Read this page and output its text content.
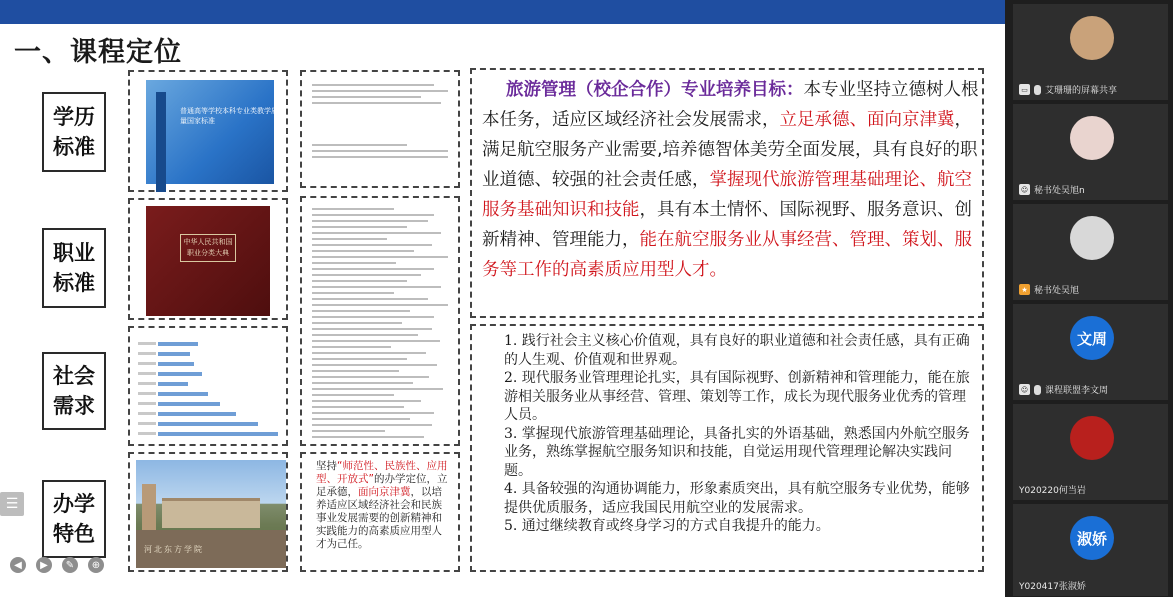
一、课程定位
学历
标准
职业
标准
社会
需求
办学
特色
普通高等学校本科专业类教学质量国家标准
中华人民共和国职业分类大典
河北东方学院
坚持“师范性、民族性、应用型、开放式”的办学定位，立足承德，面向京津冀，以培养适应区域经济社会和民族事业发展需要的创新精神和实践能力的高素质应用型人才为己任。
旅游管理（校企合作）专业培养目标：本专业坚持立德树人根本任务，适应区域经济社会发展需求，立足承德、面向京津冀，满足航空服务产业需要,培养德智体美劳全面发展，具有良好的职业道德、较强的社会责任感，掌握现代旅游管理基础理论、航空服务基础知识和技能，具有本土情怀、国际视野、服务意识、创新精神、管理能力，能在航空服务业从事经营、管理、策划、服务等工作的高素质应用型人才。
1. 践行社会主义核心价值观，具有良好的职业道德和社会责任感，具有正确的人生观、价值观和世界观。
2. 现代服务业管理理论扎实，具有国际视野、创新精神和管理能力，能在旅游相关服务业从事经营、管理、策划等工作，成长为现代服务业优秀的管理人员。
3. 掌握现代旅游管理基础理论，具备扎实的外语基础，熟悉国内外航空服务业务，熟练掌握航空服务知识和技能，自觉运用现代管理理论解决实践问题。
4. 具备较强的沟通协调能力，形象素质突出，具有航空服务专业优势，能够提供优质服务，适应我国民用航空业的发展需求。
5. 通过继续教育或终身学习的方式自我提升的能力。
☰
◀	▶	✎	⊕
▭ 艾珊珊的屏幕共享
☺ 秘书处吴旭n
★ 秘书处吴旭
文周
☺ 课程联盟李文周
Y020220何当岩
淑娇
Y020417张淑娇
